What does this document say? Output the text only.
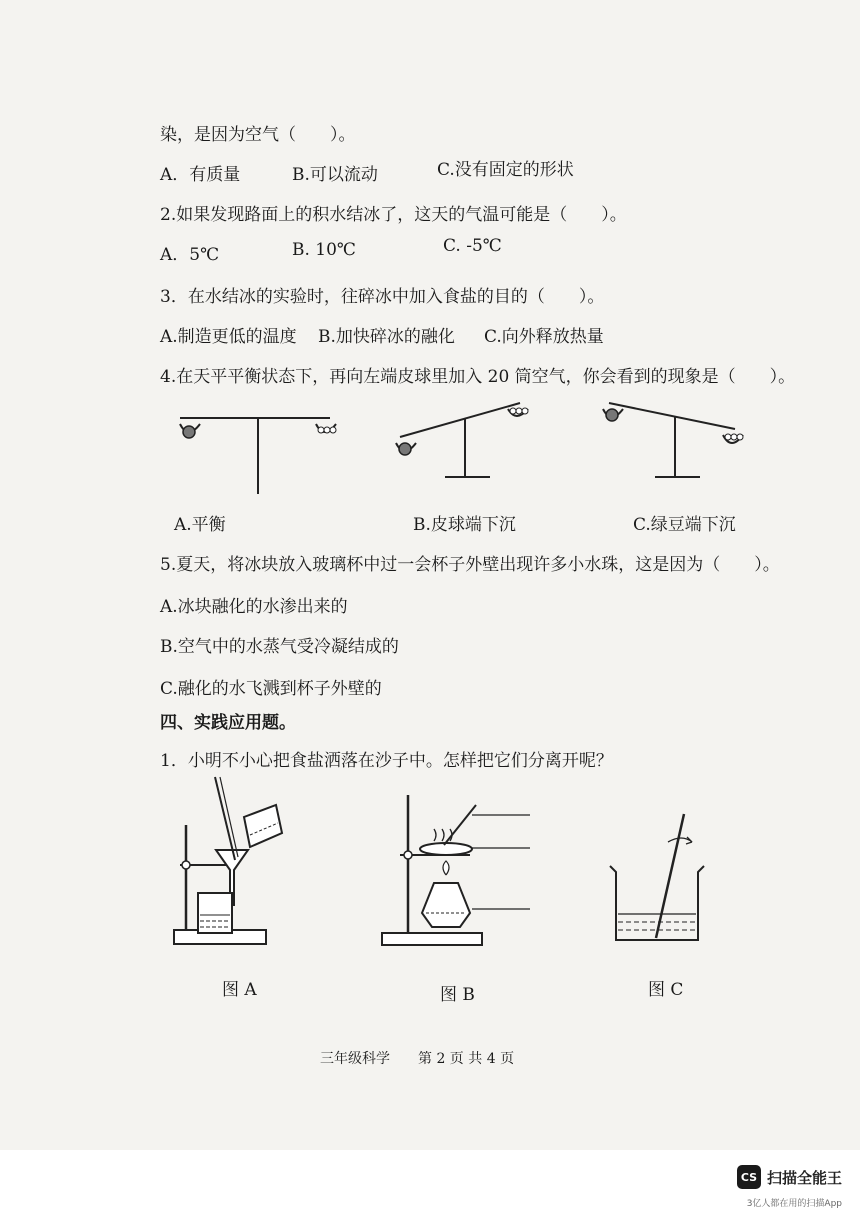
染，是因为空气（　　）。
A．有质量	B.可以流动	C.没有固定的形状
2.如果发现路面上的积水结冰了，这天的气温可能是（　　）。
A．5℃	B. 10℃	C. -5℃
3．在水结冰的实验时，往碎冰中加入食盐的目的（　　）。
A.制造更低的温度 B.加快碎冰的融化 C.向外释放热量
4.在天平平衡状态下，再向左端皮球里加入 20 筒空气，你会看到的现象是（　　）。
A.平衡	B.皮球端下沉	C.绿豆端下沉
5.夏天，将冰块放入玻璃杯中过一会杯子外壁出现许多小水珠，这是因为（　　）。
A.冰块融化的水渗出来的
B.空气中的水蒸气受冷凝结成的
C.融化的水飞溅到杯子外壁的
四、实践应用题。
1．小明不小心把食盐洒落在沙子中。怎样把它们分离开呢？
图 A	图 B	图 C
三年级科学　　第 2 页 共 4 页
CS 扫描全能王
3亿人都在用的扫描App
